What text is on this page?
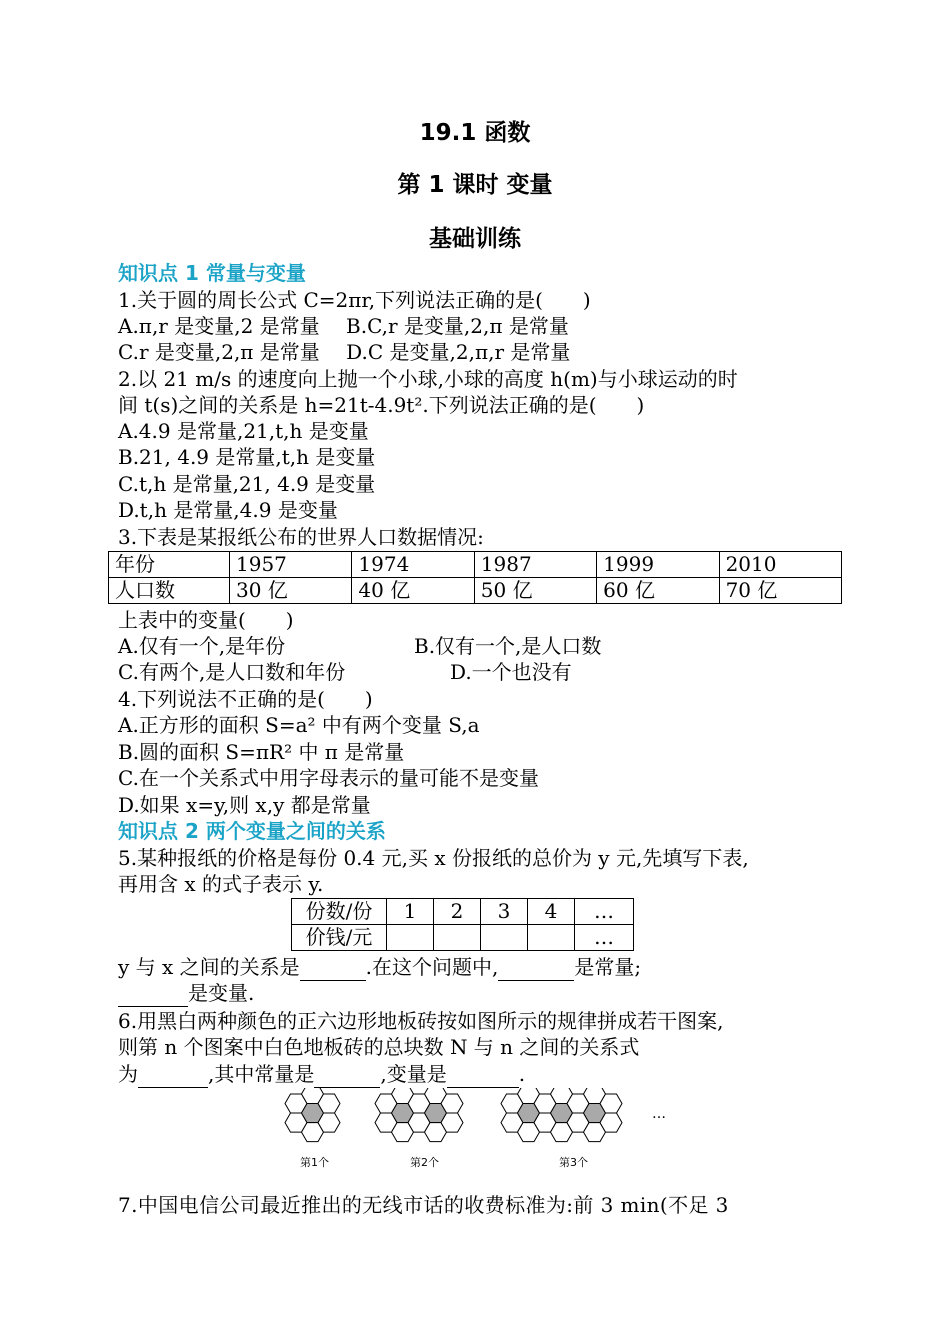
19.1 函数
第 1 课时 变量
基础训练
知识点 1 常量与变量
1.关于圆的周长公式 C=2πr,下列说法正确的是(　　)
A.π,r 是变量,2 是常量　 B.C,r 是变量,2,π 是常量
C.r 是变量,2,π 是常量　 D.C 是变量,2,π,r 是常量
2.以 21 m/s 的速度向上抛一个小球,小球的高度 h(m)与小球运动的时
间 t(s)之间的关系是 h=21t-4.9t².下列说法正确的是(　　)
A.4.9 是常量,21,t,h 是变量
B.21, 4.9 是常量,t,h 是变量
C.t,h 是常量,21, 4.9 是变量
D.t,h 是常量,4.9 是变量
3.下表是某报纸公布的世界人口数据情况:
年份	1957	1974	1987	1999	2010
人口数	30 亿	40 亿	50 亿	60 亿	70 亿
上表中的变量(　　)
A.仅有一个,是年份	B.仅有一个,是人口数
C.有两个,是人口数和年份	D.一个也没有
4.下列说法不正确的是(　　)
A.正方形的面积 S=a² 中有两个变量 S,a
B.圆的面积 S=πR² 中 π 是常量
C.在一个关系式中用字母表示的量可能不是变量
D.如果 x=y,则 x,y 都是常量
知识点 2 两个变量之间的关系
5.某种报纸的价格是每份 0.4 元,买 x 份报纸的总价为 y 元,先填写下表,
再用含 x 的式子表示 y.
份数/份	1	2	3	4	…
价钱/元					…
y 与 x 之间的关系是	.在这个问题中,	是常量;
是变量.
6.用黑白两种颜色的正六边形地板砖按如图所示的规律拼成若干图案,
则第 n 个图案中白色地板砖的总块数 N 与 n 之间的关系式
为	,其中常量是	,变量是	.
第1个	第2个	第3个
…
7.中国电信公司最近推出的无线市话的收费标准为:前 3 min(不足 3
